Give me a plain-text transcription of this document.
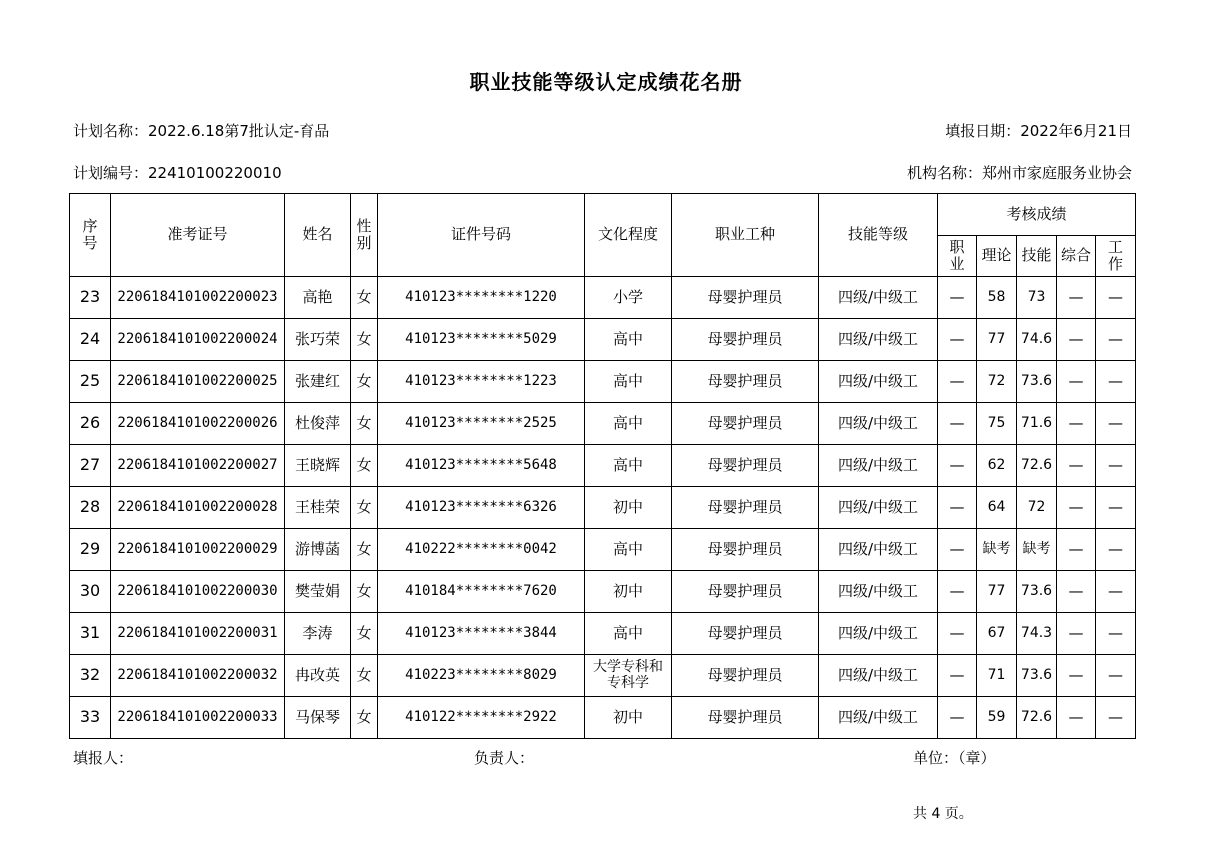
职业技能等级认定成绩花名册
计划名称：2022.6.18第7批认定-育品	填报日期：2022年6月21日
计划编号：22410100220010	机构名称：郑州市家庭服务业协会
序号	准考证号	姓名	性别	证件号码	文化程度	职业工种	技能等级	考核成绩				
								职业	理论	技能	综合	工作
23	2206184101002200023	高艳	女	410123********1220	小学	母婴护理员	四级/中级工	—	58	73	—	—
24	2206184101002200024	张巧荣	女	410123********5029	高中	母婴护理员	四级/中级工	—	77	74.6	—	—
25	2206184101002200025	张建红	女	410123********1223	高中	母婴护理员	四级/中级工	—	72	73.6	—	—
26	2206184101002200026	杜俊萍	女	410123********2525	高中	母婴护理员	四级/中级工	—	75	71.6	—	—
27	2206184101002200027	王晓辉	女	410123********5648	高中	母婴护理员	四级/中级工	—	62	72.6	—	—
28	2206184101002200028	王桂荣	女	410123********6326	初中	母婴护理员	四级/中级工	—	64	72	—	—
29	2206184101002200029	游博菡	女	410222********0042	高中	母婴护理员	四级/中级工	—	缺考	缺考	—	—
30	2206184101002200030	樊莹娟	女	410184********7620	初中	母婴护理员	四级/中级工	—	77	73.6	—	—
31	2206184101002200031	李涛	女	410123********3844	高中	母婴护理员	四级/中级工	—	67	74.3	—	—
32	2206184101002200032	冉改英	女	410223********8029	大学专科和专科学	母婴护理员	四级/中级工	—	71	73.6	—	—
33	2206184101002200033	马保琴	女	410122********2922	初中	母婴护理员	四级/中级工	—	59	72.6	—	—
填报人：	负责人：	单位：（章）
共 4 页。
